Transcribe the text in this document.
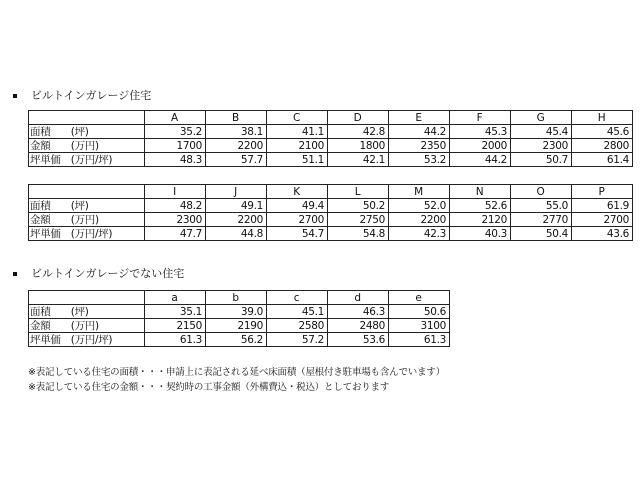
ビルトインガレージ住宅
	A	B	C	D	E	F	G	H
面積　　(坪)	35.2	38.1	41.1	42.8	44.2	45.3	45.4	45.6
金額　　(万円)	1700	2200	2100	1800	2350	2000	2300	2800
坪単価　(万円/坪)	48.3	57.7	51.1	42.1	53.2	44.2	50.7	61.4
	I	J	K	L	M	N	O	P
面積　　(坪)	48.2	49.1	49.4	50.2	52.0	52.6	55.0	61.9
金額　　(万円)	2300	2200	2700	2750	2200	2120	2770	2700
坪単価　(万円/坪)	47.7	44.8	54.7	54.8	42.3	40.3	50.4	43.6
ビルトインガレージでない住宅
	a	b	c	d	e
面積　　(坪)	35.1	39.0	45.1	46.3	50.6
金額　　(万円)	2150	2190	2580	2480	3100
坪単価　(万円/坪)	61.3	56.2	57.2	53.6	61.3
※表記している住宅の面積・・・申請上に表記される延べ床面積（屋根付き駐車場も含んでいます）
※表記している住宅の金額・・・契約時の工事金額（外構費込・税込）としております
